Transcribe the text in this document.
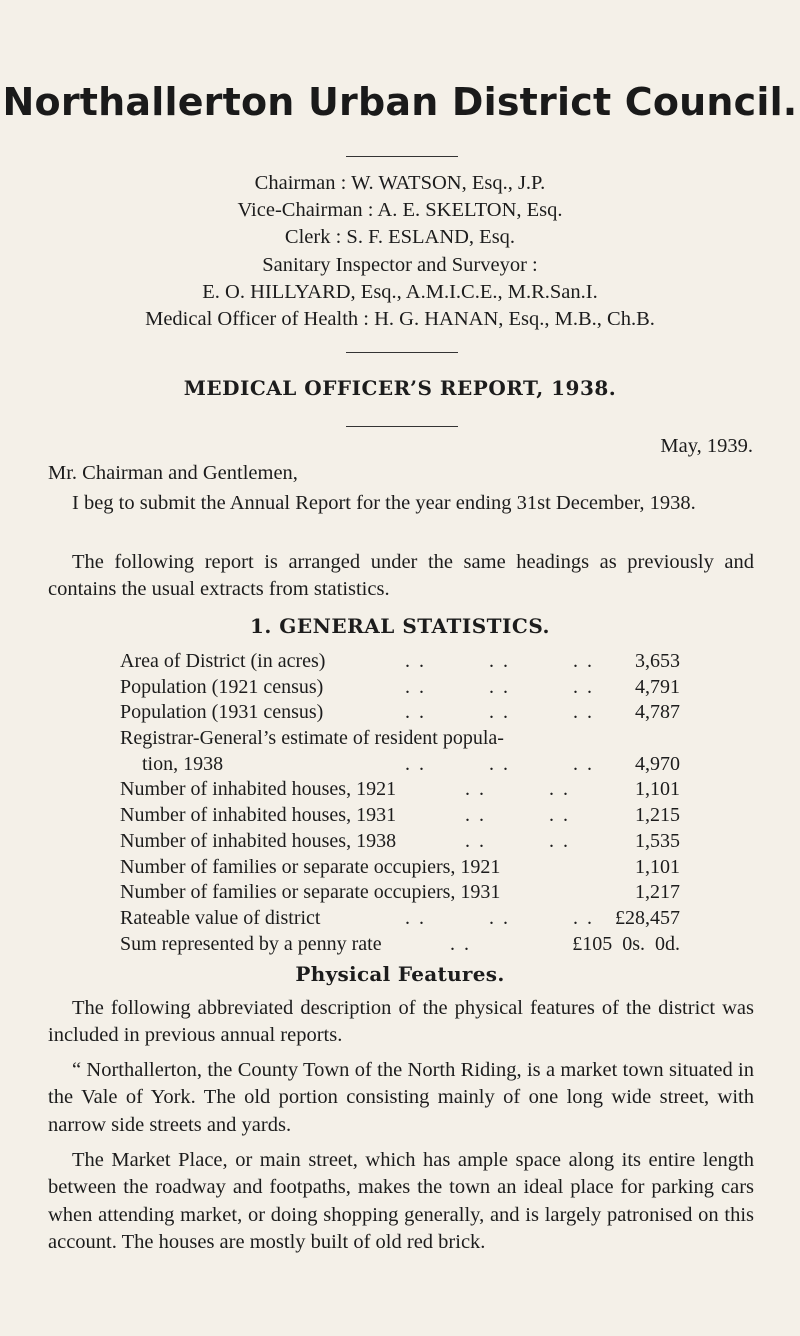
Northallerton Urban District Council.
Chairman : W. WATSON, Esq., J.P.
Vice-Chairman : A. E. SKELTON, Esq.
Clerk : S. F. ESLAND, Esq.
Sanitary Inspector and Surveyor :
E. O. HILLYARD, Esq., A.M.I.C.E., M.R.San.I.
Medical Officer of Health : H. G. HANAN, Esq., M.B., Ch.B.
MEDICAL OFFICER’S REPORT, 1938.
May, 1939.
Mr. Chairman and Gentlemen,

I beg to submit the Annual Report for the year ending 31st December, 1938.

The following report is arranged under the same headings as previously and contains the usual extracts from statistics.

1. GENERAL STATISTICS.
Area of District (in acres)	. .         . .         . . 3,653
Population (1921 census)	. .         . .         . . 4,791
Population (1931 census)	. .         . .         . . 4,787
Registrar-General’s estimate of resident popula-
tion, 1938	. .         . .         . . 4,970
Number of inhabited houses, 1921	. .         . .	1,101
Number of inhabited houses, 1931	. .         . .	1,215
Number of inhabited houses, 1938	. .         . .	1,535
Number of families or separate occupiers, 1921	1,101
Number of families or separate occupiers, 1931	1,217
Rateable value of district	. .         . .         . . £28,457
Sum represented by a penny rate	. .	£105  0s.  0d.
Physical Features.

The following abbreviated description of the physical features of the district was included in previous annual reports.

“ Northallerton, the County Town of the North Riding, is a market town situated in the Vale of York. The old portion consisting mainly of one long wide street, with narrow side streets and yards.

The Market Place, or main street, which has ample space along its entire length between the roadway and footpaths, makes the town an ideal place for parking cars when attending market, or doing shopping generally, and is largely patronised on this account. The houses are mostly built of old red brick.
